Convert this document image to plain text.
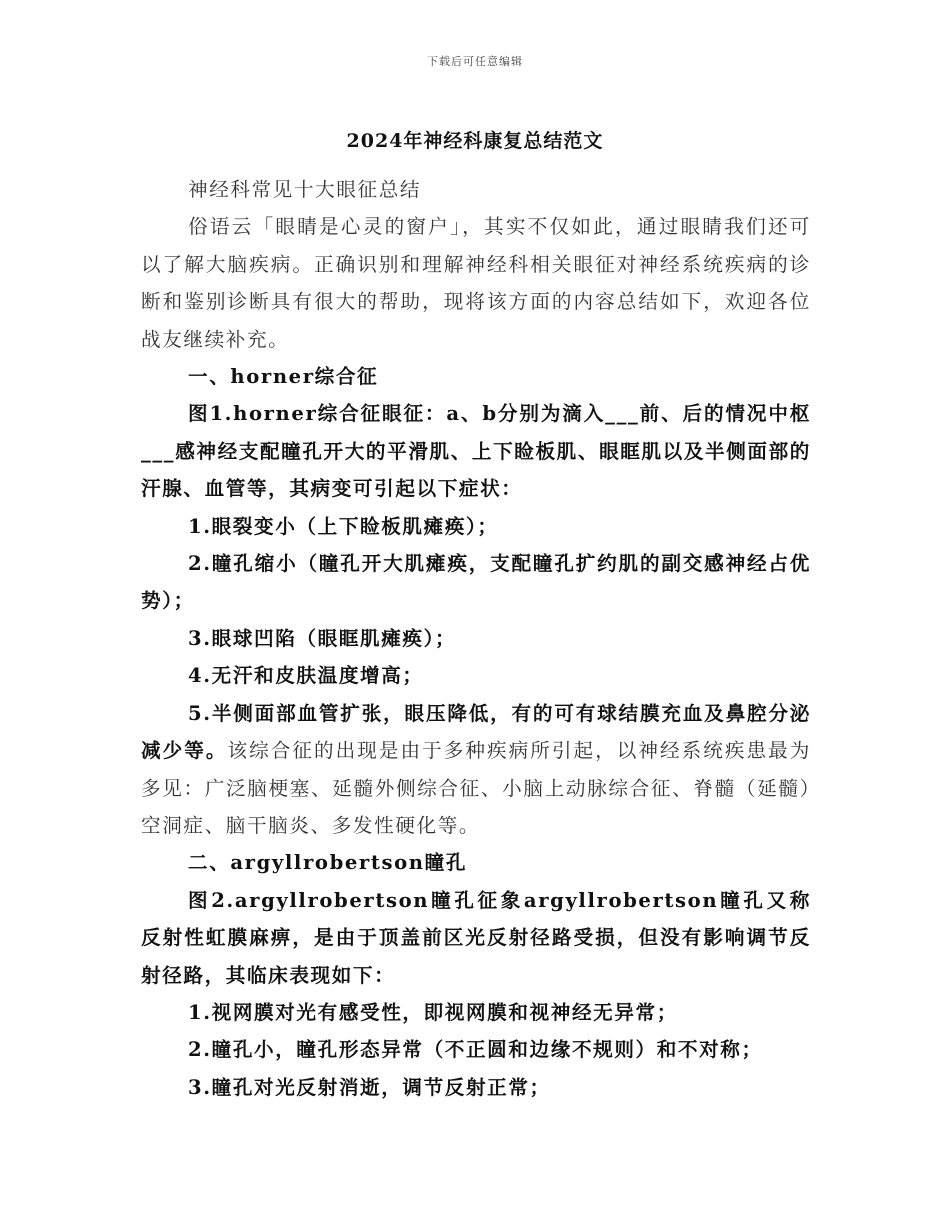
下载后可任意编辑
2024年神经科康复总结范文

神经科常见十大眼征总结

俗语云「眼睛是心灵的窗户」，其实不仅如此，通过眼睛我们还可以了解大脑疾病。正确识别和理解神经科相关眼征对神经系统疾病的诊断和鉴别诊断具有很大的帮助，现将该方面的内容总结如下，欢迎各位战友继续补充。

一、horner综合征

图1.horner综合征眼征：a、b分别为滴入___前、后的情况中枢___感神经支配瞳孔开大的平滑肌、上下睑板肌、眼眶肌以及半侧面部的汗腺、血管等，其病变可引起以下症状：

1.眼裂变小（上下睑板肌瘫痪）；

2.瞳孔缩小（瞳孔开大肌瘫痪，支配瞳孔扩约肌的副交感神经占优势）；

3.眼球凹陷（眼眶肌瘫痪）；

4.无汗和皮肤温度增高；

5.半侧面部血管扩张，眼压降低，有的可有球结膜充血及鼻腔分泌减少等。该综合征的出现是由于多种疾病所引起，以神经系统疾患最为多见：广泛脑梗塞、延髓外侧综合征、小脑上动脉综合征、脊髓（延髓）空洞症、脑干脑炎、多发性硬化等。

二、argyllrobertson瞳孔

图2.argyllrobertson瞳孔征象argyllrobertson瞳孔又称反射性虹膜麻痹，是由于顶盖前区光反射径路受损，但没有影响调节反射径路，其临床表现如下：

1.视网膜对光有感受性，即视网膜和视神经无异常；

2.瞳孔小，瞳孔形态异常（不正圆和边缘不规则）和不对称；

3.瞳孔对光反射消逝，调节反射正常；
